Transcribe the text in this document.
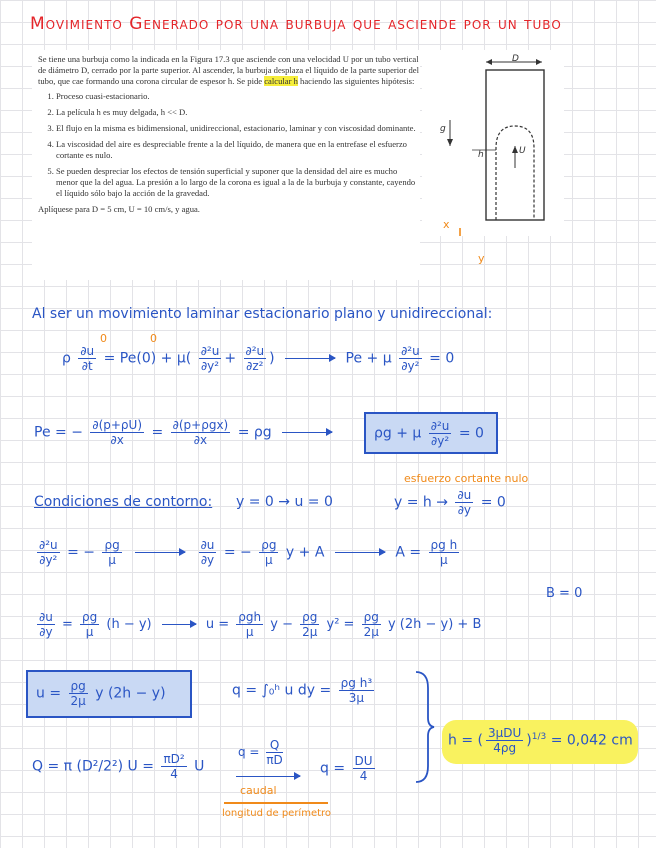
Movimiento Generado por una burbuja que asciende por un tubo

Se tiene una burbuja como la indicada en la Figura 17.3 que asciende con una velocidad U por un tubo vertical de diámetro D, cerrado por la parte superior. Al ascender, la burbuja desplaza el líquido de la parte superior del tubo, que cae formando una corona circular de espesor h. Se pide calcular h haciendo las siguientes hipótesis:

1. Proceso cuasi-estacionario.
2. La película h es muy delgada, h << D.
3. El flujo en la misma es bidimensional, unidireccional, estacionario, laminar y con viscosidad dominante.
4. La viscosidad del aire es despreciable frente a la del líquido, de manera que en la entrefase el esfuerzo cortante es nulo.
5. Se pueden despreciar los efectos de tensión superficial y suponer que la densidad del aire es mucho menor que la del agua. La presión a lo largo de la corona es igual a la de la burbuja y constante, cayendo el líquido sólo bajo la acción de la gravedad.

Aplíquese para D = 5 cm, U = 10 cm/s, y agua.

D
g
h	U
x
y
Al ser un movimiento laminar estacionario plano y unidireccional:
ρ $\frac{\partial u}{\partial t} = Pe(0) + \mu( \frac{\text{∂²u}}{\text{∂y²}} + \frac{\text{∂²u}}{\text{∂z²}}$ )	Pe + μ $\frac{\text{∂²u}}{\text{∂y²}} = 0$
0	0
Pe = − $\frac{\partial(p+\rho U)}{\partial x} = \frac{\text{∂(p+ρgx)}}{\partial x} = \rho g$	ρg + μ $\frac{\text{∂²u}}{\text{∂y²}} = 0$
Condiciones de contorno: y = 0 → u = 0
esfuerzo cortante nulo
$y = h \to \frac{\partial u}{\partial y} = 0$
$\frac{\text{∂²u}}{\text{∂y²}}$ = − $\frac{\rho g}{\mu}$
	$\frac{\partial u}{\partial y}$ = − $\frac{\rho g}{\mu}$ y + A	$A = \frac{\text{ρg h}}{\mu}$
B = 0
$\frac{\partial u}{\partial y} = \frac{\rho g}{\mu} (h - y)$	$u = \frac{\text{ρgh}}{\mu}$ $y - \frac{\rho g}{2\mu} y^2 = \frac{\rho g}{2\mu}$ y (2h − y) + B
$u = \frac{\rho g}{2\mu}$ y (2h − y)	q = ∫₀ʰ u dy = $\frac{\text{ρg h³}}{3\mu}$
h = ( $\frac{\text{3μDU}}{4\rho g} )^{1/3} = 0,042$ cm
Q = π (D²/2²) $U = \frac{\text{πD²}}{4}$ U
$q = \frac{Q}{\pi D}$
$q = \frac{DU}{4}$
caudal
longitud de perímetro
